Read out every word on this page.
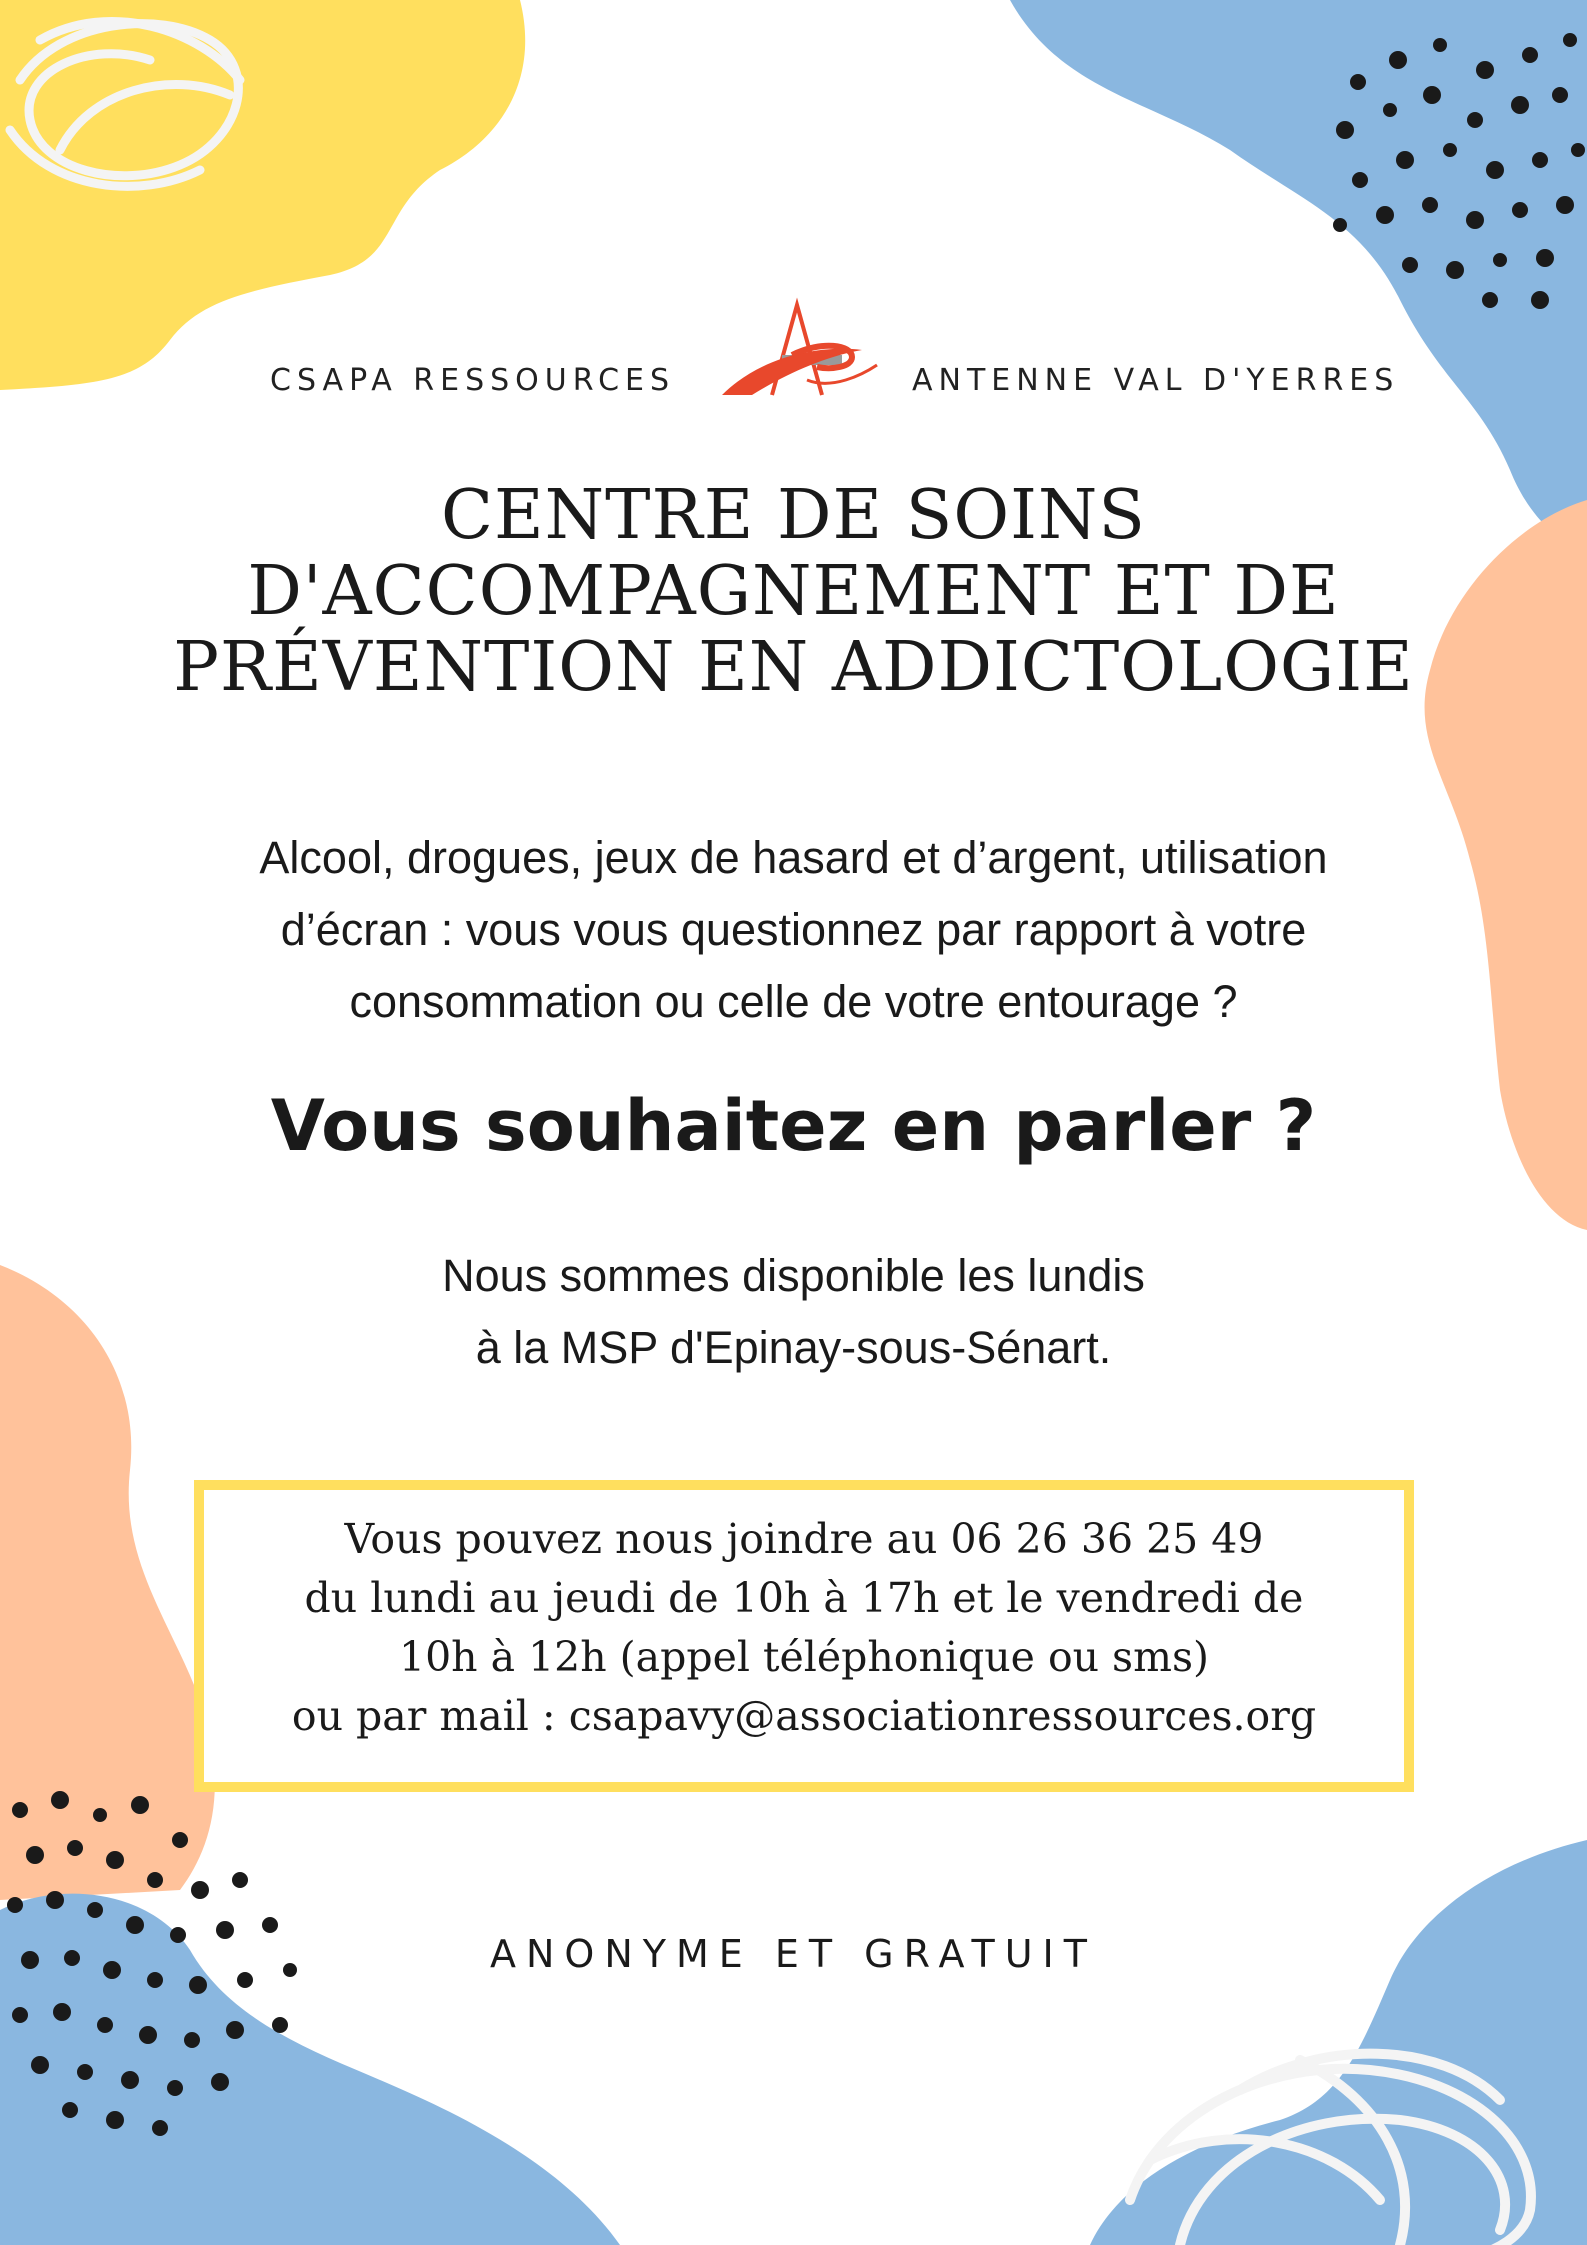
CSAPA RESSOURCES	ANTENNE VAL D'YERRES
CENTRE DE SOINS
D'ACCOMPAGNEMENT ET DE
PRÉVENTION EN ADDICTOLOGIE
Alcool, drogues, jeux de hasard et d’argent, utilisation
d’écran : vous vous questionnez par rapport à votre
consommation ou celle de votre entourage ?
Vous souhaitez en parler ?
Nous sommes disponible les lundis
à la MSP d'Epinay-sous-Sénart.
Vous pouvez nous joindre au 06 26 36 25 49
du lundi au jeudi de 10h à 17h et le vendredi de
10h à 12h (appel téléphonique ou sms)
ou par mail : csapavy@associationressources.org
ANONYME ET GRATUIT
